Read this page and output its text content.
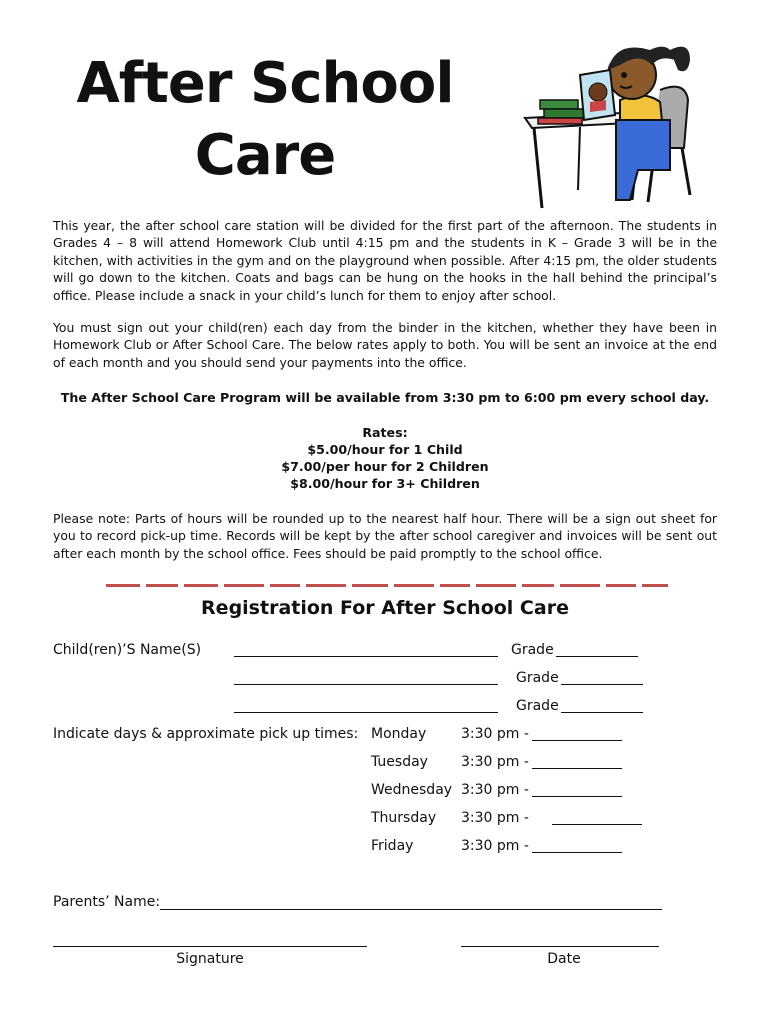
After School
Care
This year, the after school care station will be divided for the first part of the afternoon. The students in Grades 4 – 8 will attend Homework Club until 4:15 pm and the students in K – Grade 3 will be in the kitchen, with activities in the gym and on the playground when possible. After 4:15 pm, the older students will go down to the kitchen. Coats and bags can be hung on the hooks in the hall behind the principal’s office. Please include a snack in your child’s lunch for them to enjoy after school.
You must sign out your child(ren) each day from the binder in the kitchen, whether they have been in Homework Club or After School Care. The below rates apply to both. You will be sent an invoice at the end of each month and you should send your payments into the office.
The After School Care Program will be available from 3:30 pm to 6:00 pm every school day.
Rates:
$5.00/hour for 1 Child
$7.00/per hour for 2 Children
$8.00/hour for 3+ Children
Please note: Parts of hours will be rounded up to the nearest half hour. There will be a sign out sheet for you to record pick-up time. Records will be kept by the after school caregiver and invoices will be sent out after each month by the school office. Fees should be paid promptly to the school office.
Registration For After School Care
Child(ren)’S Name(S)	Grade
Grade
Grade
Indicate days & approximate pick up times: Monday 3:30 pm -
Tuesday 3:30 pm -
Wednesday 3:30 pm -
Thursday 3:30 pm -
Friday	3:30 pm -
Parents’ Name:
Signature	Date
